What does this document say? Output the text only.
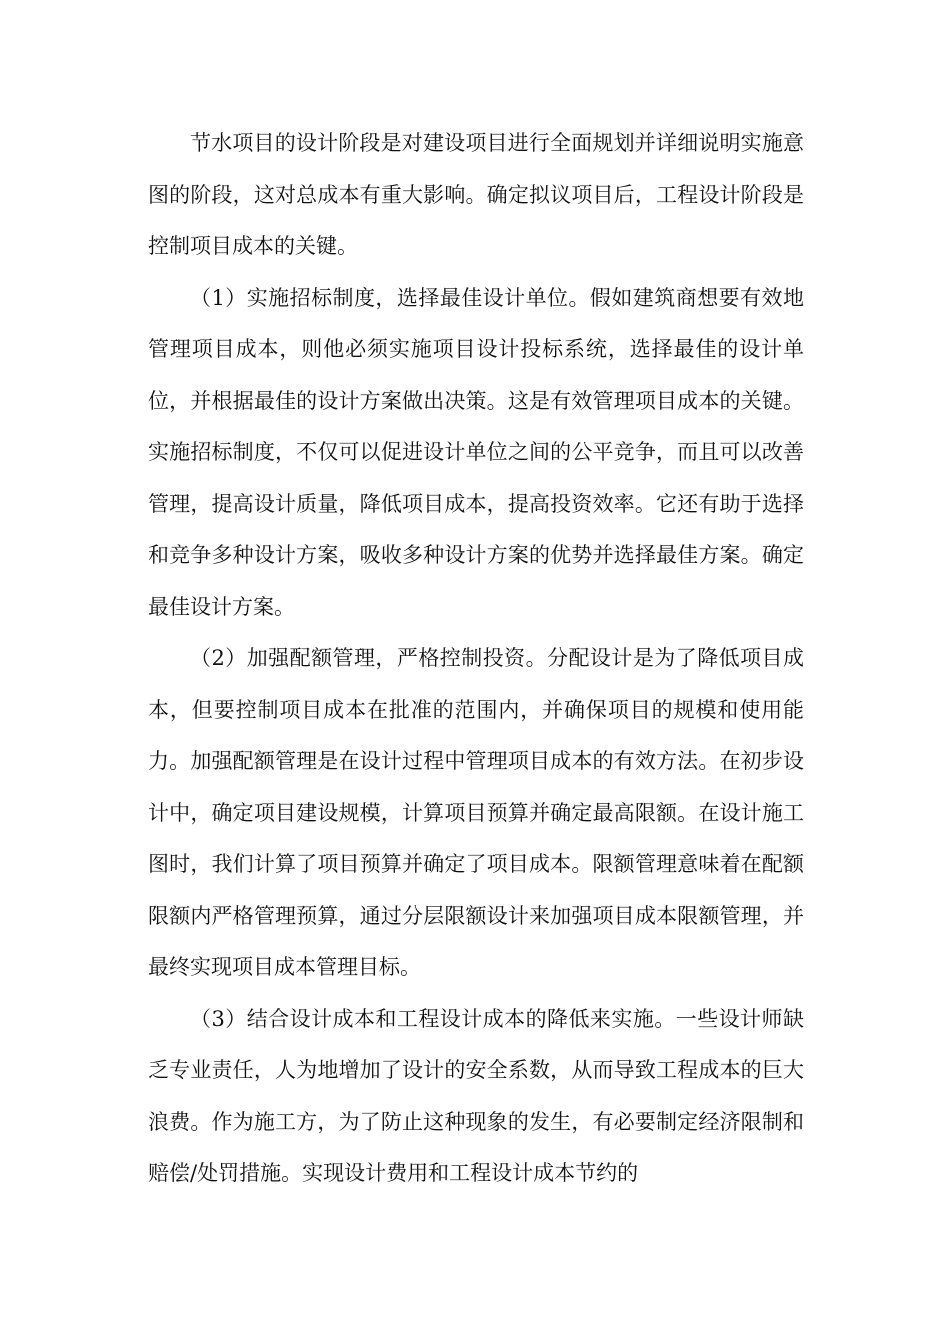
节水项目的设计阶段是对建设项目进行全面规划并详细说明实施意图的阶段，这对总成本有重大影响。确定拟议项目后，工程设计阶段是控制项目成本的关键。

（1）实施招标制度，选择最佳设计单位。假如建筑商想要有效地管理项目成本，则他必须实施项目设计投标系统，选择最佳的设计单位，并根据最佳的设计方案做出决策。这是有效管理项目成本的关键。实施招标制度，不仅可以促进设计单位之间的公平竞争，而且可以改善管理，提高设计质量，降低项目成本，提高投资效率。它还有助于选择和竞争多种设计方案，吸收多种设计方案的优势并选择最佳方案。确定最佳设计方案。

（2）加强配额管理，严格控制投资。分配设计是为了降低项目成本，但要控制项目成本在批准的范围内，并确保项目的规模和使用能力。加强配额管理是在设计过程中管理项目成本的有效方法。在初步设计中，确定项目建设规模，计算项目预算并确定最高限额。在设计施工图时，我们计算了项目预算并确定了项目成本。限额管理意味着在配额限额内严格管理预算，通过分层限额设计来加强项目成本限额管理，并最终实现项目成本管理目标。

（3）结合设计成本和工程设计成本的降低来实施。一些设计师缺乏专业责任，人为地增加了设计的安全系数，从而导致工程成本的巨大浪费。作为施工方，为了防止这种现象的发生，有必要制定经济限制和赔偿/处罚措施。实现设计费用和工程设计成本节约的
